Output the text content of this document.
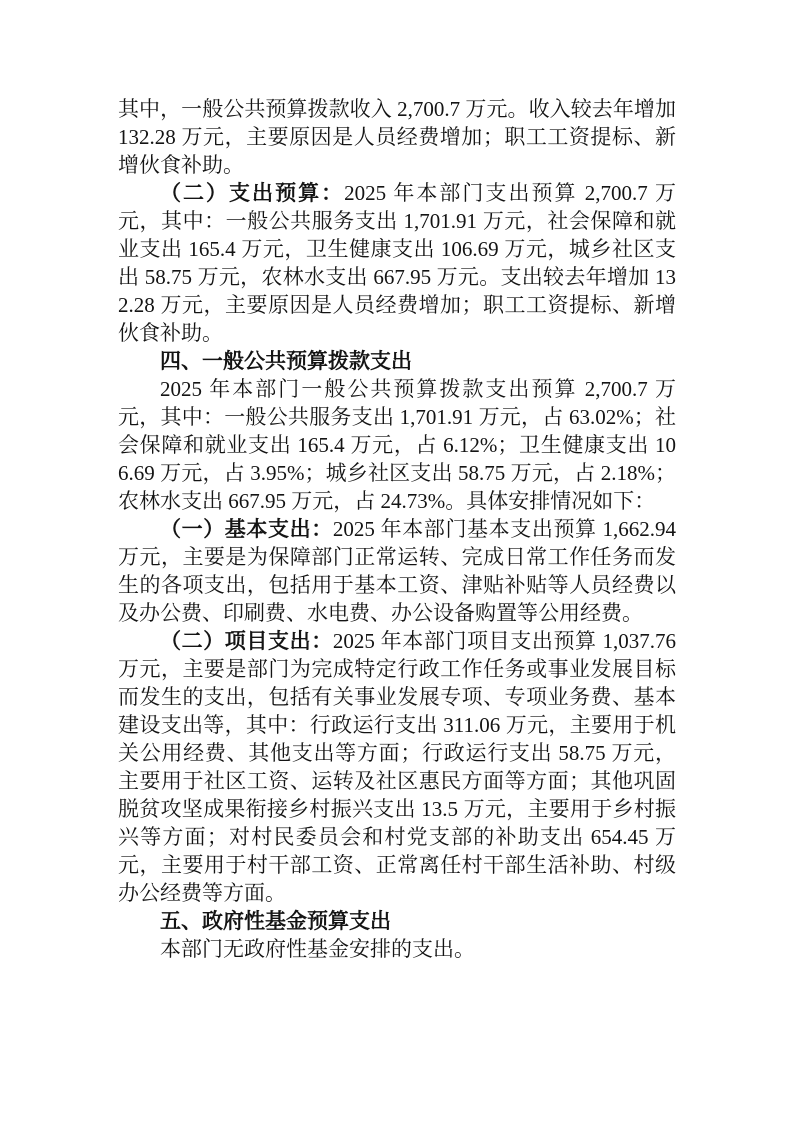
其中，一般公共预算拨款收入 2,700.7 万元。收入较去年增加 132.28 万元，主要原因是人员经费增加；职工工资提标、新增伙食补助。

（二）支出预算：2025 年本部门支出预算 2,700.7 万元，其中：一般公共服务支出 1,701.91 万元，社会保障和就业支出 165.4 万元，卫生健康支出 106.69 万元，城乡社区支出 58.75 万元，农林水支出 667.95 万元。支出较去年增加 132.28 万元，主要原因是人员经费增加；职工工资提标、新增伙食补助。

四、一般公共预算拨款支出

2025 年本部门一般公共预算拨款支出预算 2,700.7 万元，其中：一般公共服务支出 1,701.91 万元，占 63.02%；社会保障和就业支出 165.4 万元，占 6.12%；卫生健康支出 106.69 万元，占 3.95%；城乡社区支出 58.75 万元，占 2.18%；农林水支出 667.95 万元，占 24.73%。具体安排情况如下：

（一）基本支出：2025 年本部门基本支出预算 1,662.94 万元，主要是为保障部门正常运转、完成日常工作任务而发生的各项支出，包括用于基本工资、津贴补贴等人员经费以及办公费、印刷费、水电费、办公设备购置等公用经费。

（二）项目支出：2025 年本部门项目支出预算 1,037.76 万元，主要是部门为完成特定行政工作任务或事业发展目标而发生的支出，包括有关事业发展专项、专项业务费、基本建设支出等，其中：行政运行支出 311.06 万元，主要用于机关公用经费、其他支出等方面；行政运行支出 58.75 万元，主要用于社区工资、运转及社区惠民方面等方面；其他巩固脱贫攻坚成果衔接乡村振兴支出 13.5 万元，主要用于乡村振兴等方面；对村民委员会和村党支部的补助支出 654.45 万元，主要用于村干部工资、正常离任村干部生活补助、村级办公经费等方面。

五、政府性基金预算支出

本部门无政府性基金安排的支出。
